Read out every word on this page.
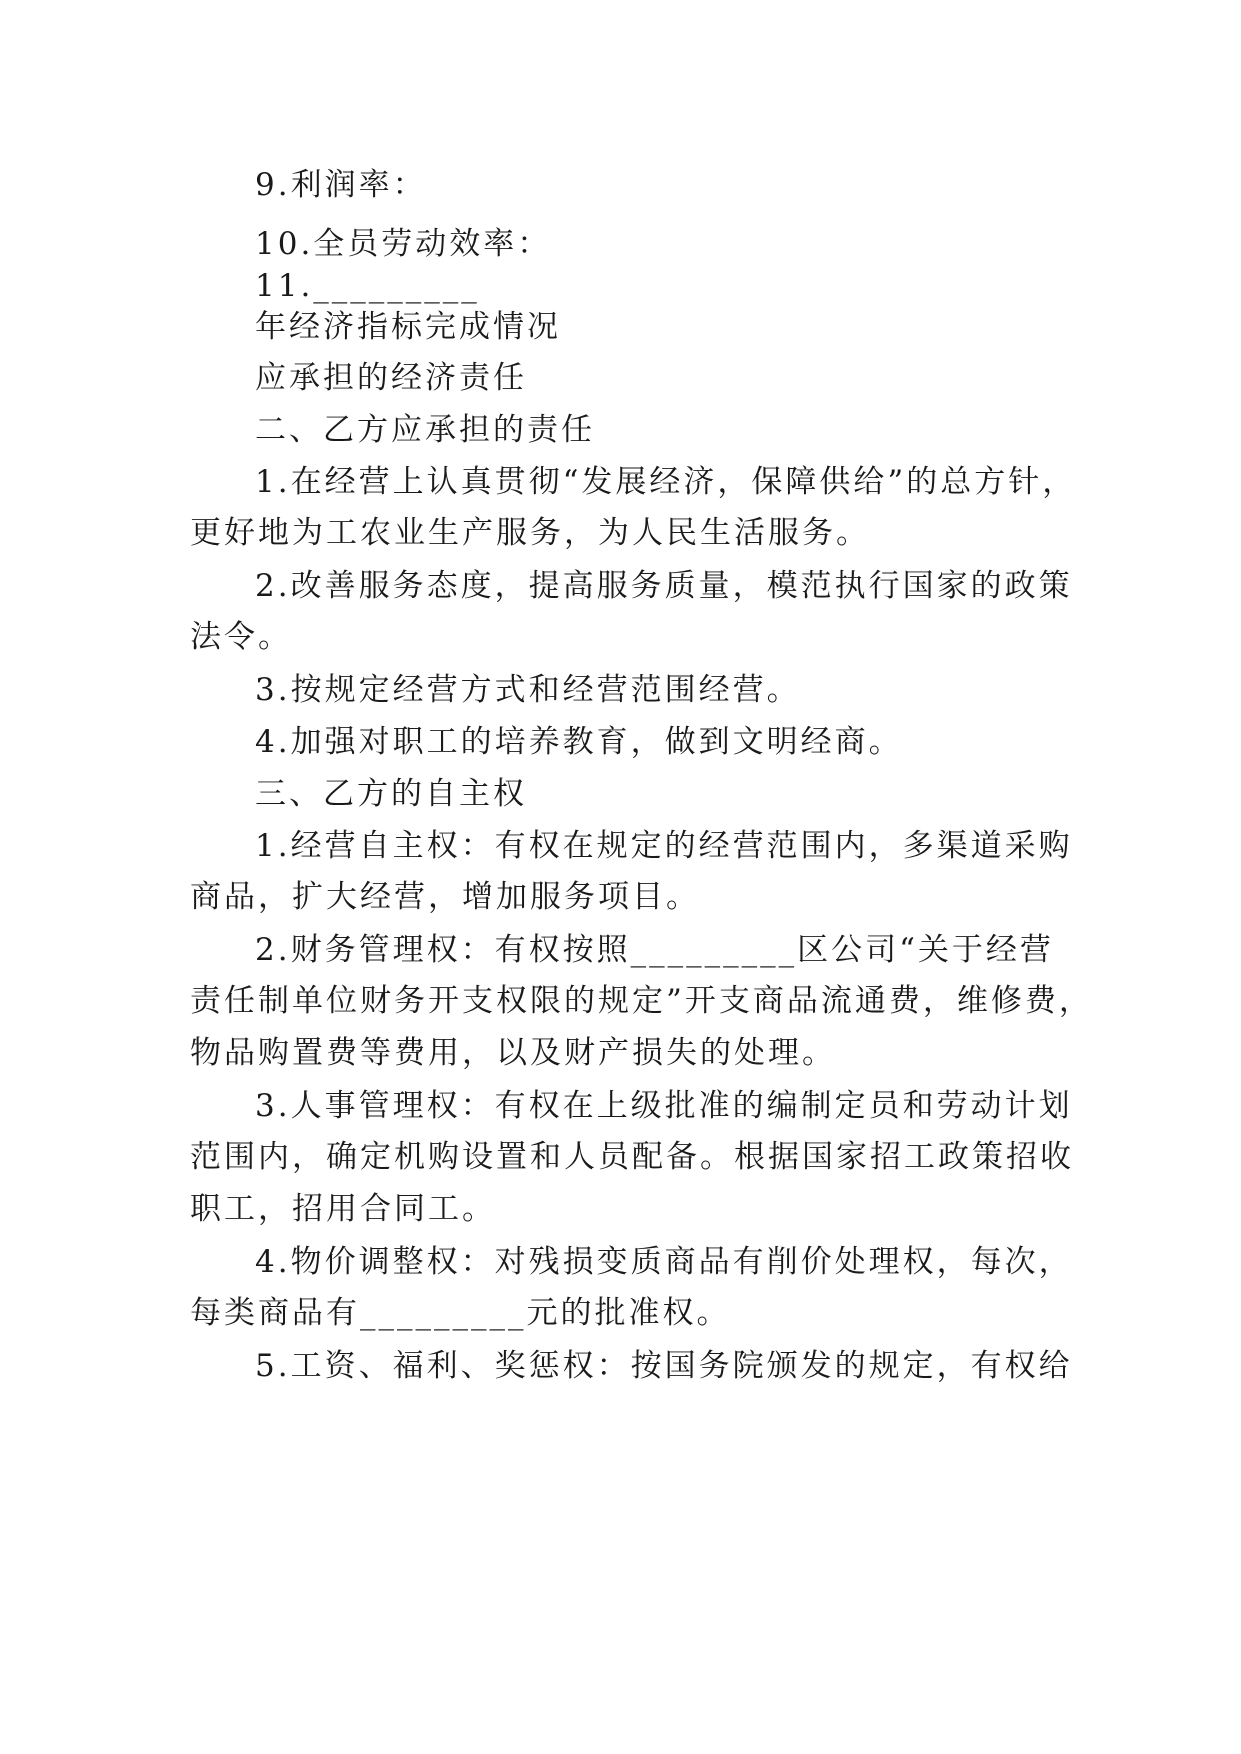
9.利润率：
10.全员劳动效率：
11._________
年经济指标完成情况
应承担的经济责任
二、乙方应承担的责任
1.在经营上认真贯彻“发展经济，保障供给”的总方针，
更好地为工农业生产服务，为人民生活服务。
2.改善服务态度，提高服务质量，模范执行国家的政策
法令。
3.按规定经营方式和经营范围经营。
4.加强对职工的培养教育，做到文明经商。
三、乙方的自主权
1.经营自主权：有权在规定的经营范围内，多渠道采购
商品，扩大经营，增加服务项目。
2.财务管理权：有权按照_________区公司“关于经营
责任制单位财务开支权限的规定”开支商品流通费，维修费，
物品购置费等费用，以及财产损失的处理。
3.人事管理权：有权在上级批准的编制定员和劳动计划
范围内，确定机购设置和人员配备。根据国家招工政策招收
职工，招用合同工。
4.物价调整权：对残损变质商品有削价处理权，每次，
每类商品有_________元的批准权。
5.工资、福利、奖惩权：按国务院颁发的规定，有权给
